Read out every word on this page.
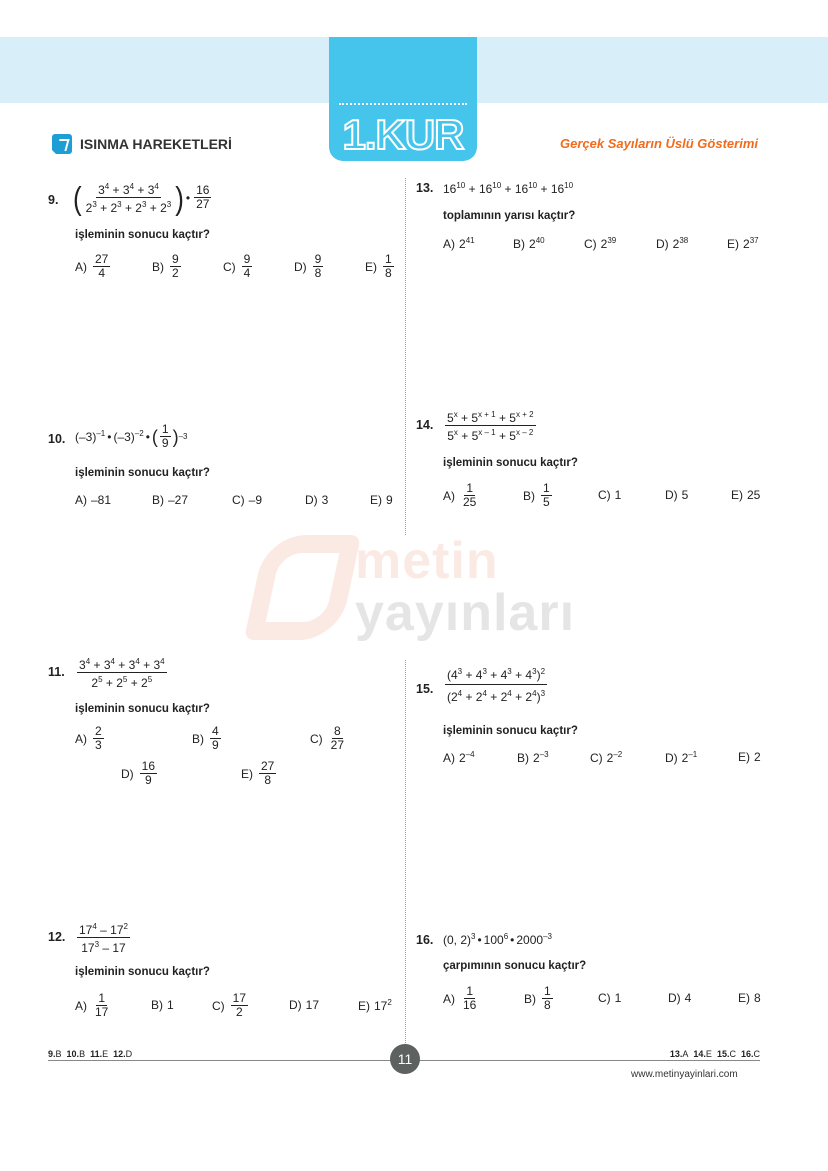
1.KUR
ISINMA HAREKETLERİ	Gerçek Sayıların Üslü Gösterimi
metin
yayınları
9. ( $3^4 + 3^4 + 3^4$
$2^3 + 2^3 + 2^3 + 2^3$ ) •
16
27
işleminin sonucu kaçtır?
A)
27
4	B)
9
2	C)
9
4	D)
9
8	E)
1
8
10. $(-3)^{-1}$ • $(-3)^{-2}$ • ( 1
9 ) –3
işleminin sonucu kaçtır?
A) –81	B) –27	C) –9	D) 3	E) 9
11. $3^4 + 3^4 + 3^4 + 3^4$
$2^5 + 2^5 + 2^5$
işleminin sonucu kaçtır?
A)
2
3	B)
4
9	C)
8
27
D)
16
9	E)
27
8
12. $17^4 - 17^2$
$17^3 - 17$
işleminin sonucu kaçtır?
A)
1
17	B) 1	C)
17
2	D) 17	E) $17^2$
13. $16^{10} + 16^{10} + 16^{10} + 16^{10}$
toplamının yarısı kaçtır?
A) $2^{41}$	B) $2^{40}$	C) $2^{39}$	D) $2^{38}$	E) $2^{37}$
14. $5^x + 5^{x + 1} + 5^{x + 2}$
$5^x + 5^{x - 1} + 5^{x - 2}$
işleminin sonucu kaçtır?
A)
1
25	B)
1
5	C) 1	D) 5	E) 25
15.
$(4^3 + 4^3 + 4^3 + 4^3)^2$
$(2^4 + 2^4 + 2^4 + 2^4)^3$
işleminin sonucu kaçtır?
A) $2^{-4}$	B) $2^{-3}$	C) $2^{-2}$	D) $2^{-1}$	E) 2
16. (0, 2)$^3$ • $100^6$ • $2000^{-3}$
çarpımının sonucu kaçtır?
A)
1
16	B)
1
8	C) 1	D) 4	E) 8
9.B 10.B 11.E 12.D	13.A 14.E 15.C 16.C
11
www.metinyayinlari.com
